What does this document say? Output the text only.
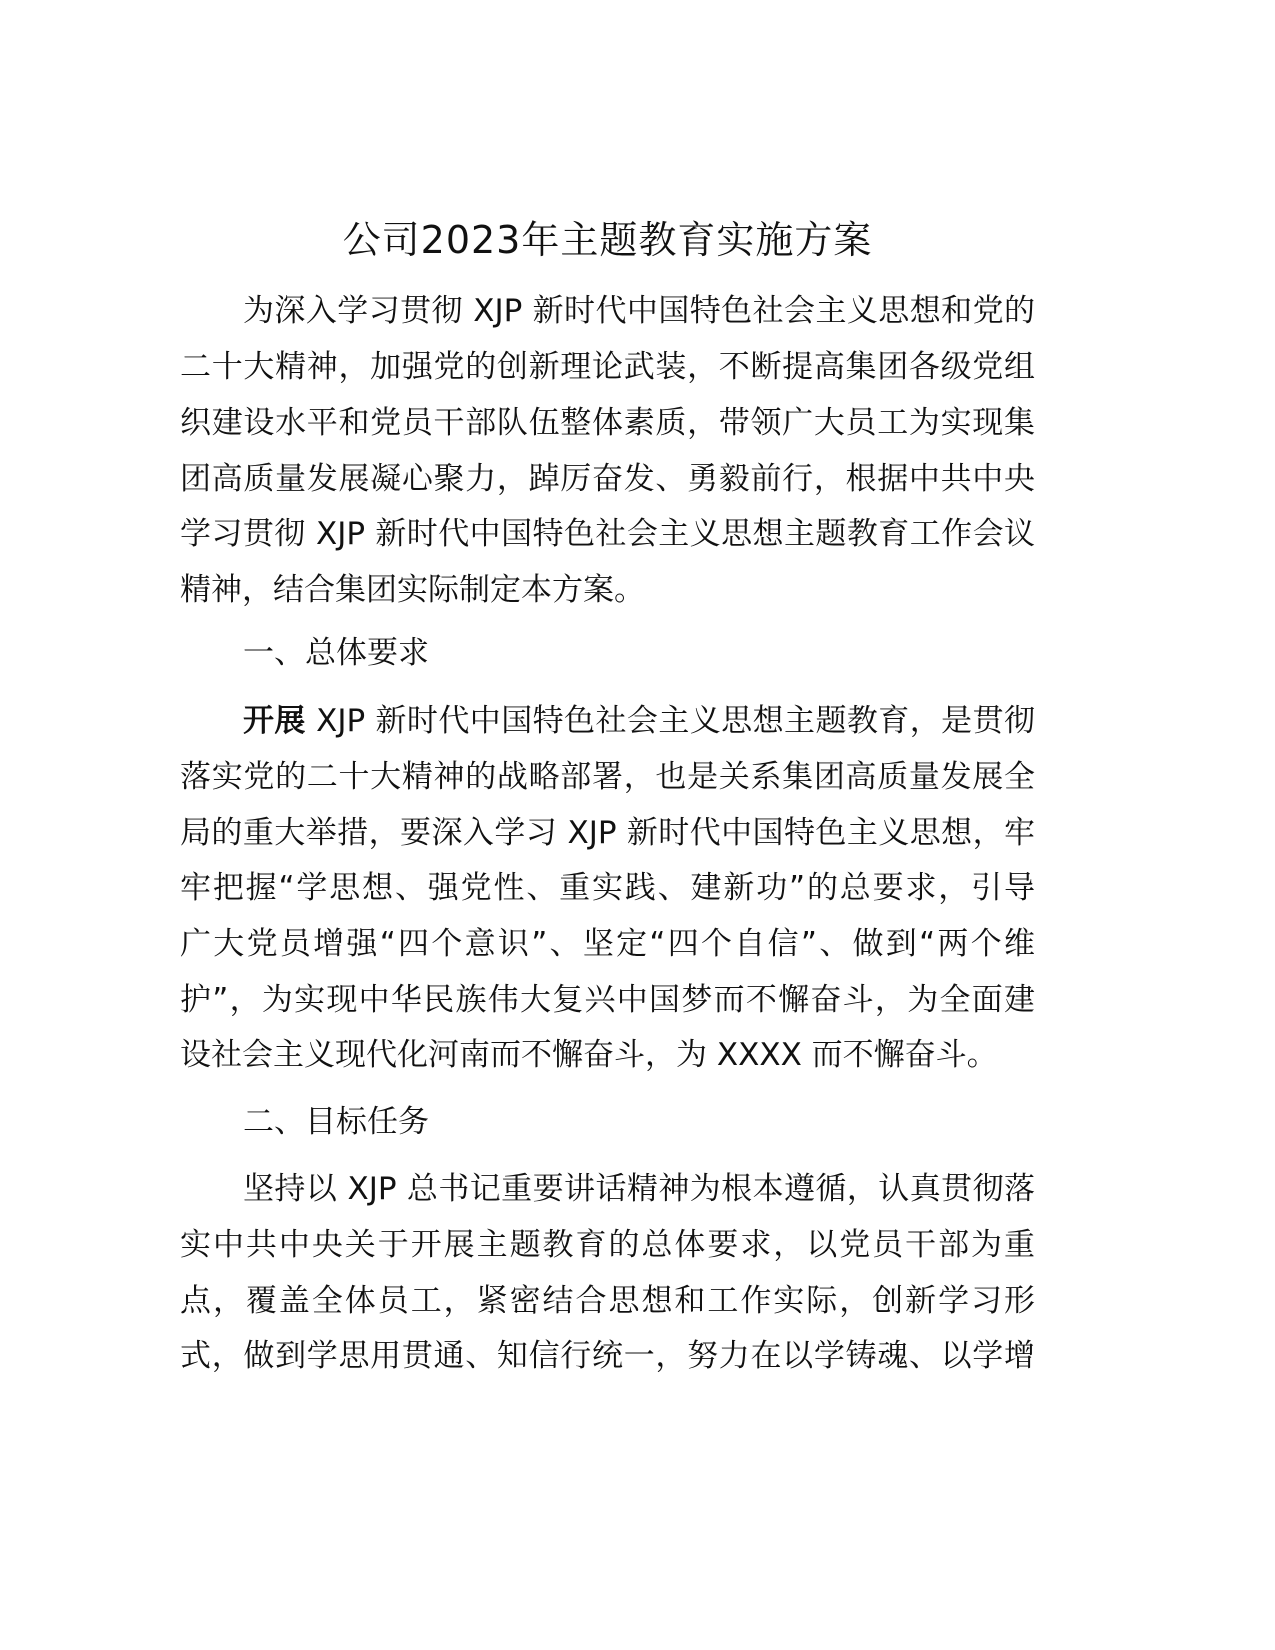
公司2023年主题教育实施方案
为深入学习贯彻 XJP 新时代中国特色社会主义思想和党的
二十大精神，加强党的创新理论武装，不断提高集团各级党组
织建设水平和党员干部队伍整体素质，带领广大员工为实现集
团高质量发展凝心聚力，踔厉奋发、勇毅前行，根据中共中央
学习贯彻 XJP 新时代中国特色社会主义思想主题教育工作会议
精神，结合集团实际制定本方案。
一、总体要求
开展 XJP 新时代中国特色社会主义思想主题教育，是贯彻
落实党的二十大精神的战略部署，也是关系集团高质量发展全
局的重大举措，要深入学习 XJP 新时代中国特色主义思想，牢
牢把握“学思想、强党性、重实践、建新功”的总要求，引导
广大党员增强“四个意识”、坚定“四个自信”、做到“两个维
护”，为实现中华民族伟大复兴中国梦而不懈奋斗，为全面建
设社会主义现代化河南而不懈奋斗，为 XXXX 而不懈奋斗。
二、目标任务
坚持以 XJP 总书记重要讲话精神为根本遵循，认真贯彻落
实中共中央关于开展主题教育的总体要求，以党员干部为重
点，覆盖全体员工，紧密结合思想和工作实际，创新学习形
式，做到学思用贯通、知信行统一，努力在以学铸魂、以学增
